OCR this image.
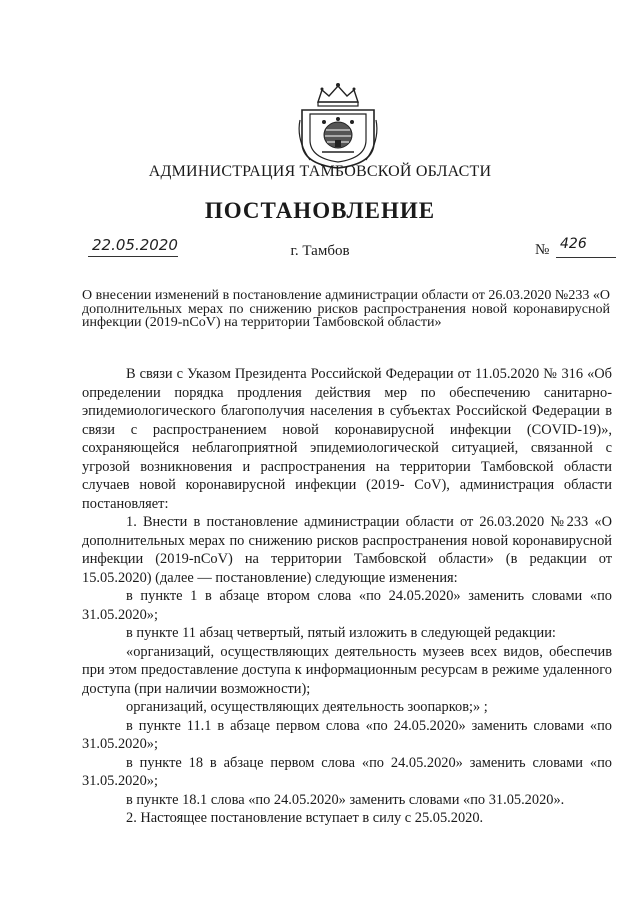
АДМИНИСТРАЦИЯ ТАМБОВСКОЙ ОБЛАСТИ
ПОСТАНОВЛЕНИЕ
22.05.2020	г. Тамбов	№ 426
О внесении изменений в постановление администрации области от 26.03.2020 №233 «О дополнительных мерах по снижению рисков распространения новой коронавирусной инфекции (2019-nCoV) на территории Тамбовской области»

В связи с Указом Президента Российской Федерации от 11.05.2020 № 316 «Об определении порядка продления действия мер по обеспечению санитарно-эпидемиологического благополучия населения в субъектах Российской Федерации в связи с распространением новой коронавирусной инфекции (COVID-19)», сохраняющейся неблагоприятной эпидемиологической ситуацией, связанной с угрозой возникновения и распространения на территории Тамбовской области случаев новой коронавирусной инфекции (2019- CoV), администрация области постановляет:

1. Внести в постановление администрации области от 26.03.2020 №233 «О дополнительных мерах по снижению рисков распространения новой коронавирусной инфекции (2019-nCoV) на территории Тамбовской области» (в редакции от 15.05.2020) (далее — постановление) следующие изменения:

в пункте 1 в абзаце втором слова «по 24.05.2020» заменить словами «по 31.05.2020»;

в пункте 11 абзац четвертый, пятый изложить в следующей редакции:

«организаций, осуществляющих деятельность музеев всех видов, обеспечив при этом предоставление доступа к информационным ресурсам в режиме удаленного доступа (при наличии возможности);

организаций, осуществляющих деятельность зоопарков;» ;

в пункте 11.1 в абзаце первом слова «по 24.05.2020» заменить словами «по 31.05.2020»;

в пункте 18 в абзаце первом слова «по 24.05.2020» заменить словами «по 31.05.2020»;

в пункте 18.1 слова «по 24.05.2020» заменить словами «по 31.05.2020».

2. Настоящее постановление вступает в силу с 25.05.2020.
